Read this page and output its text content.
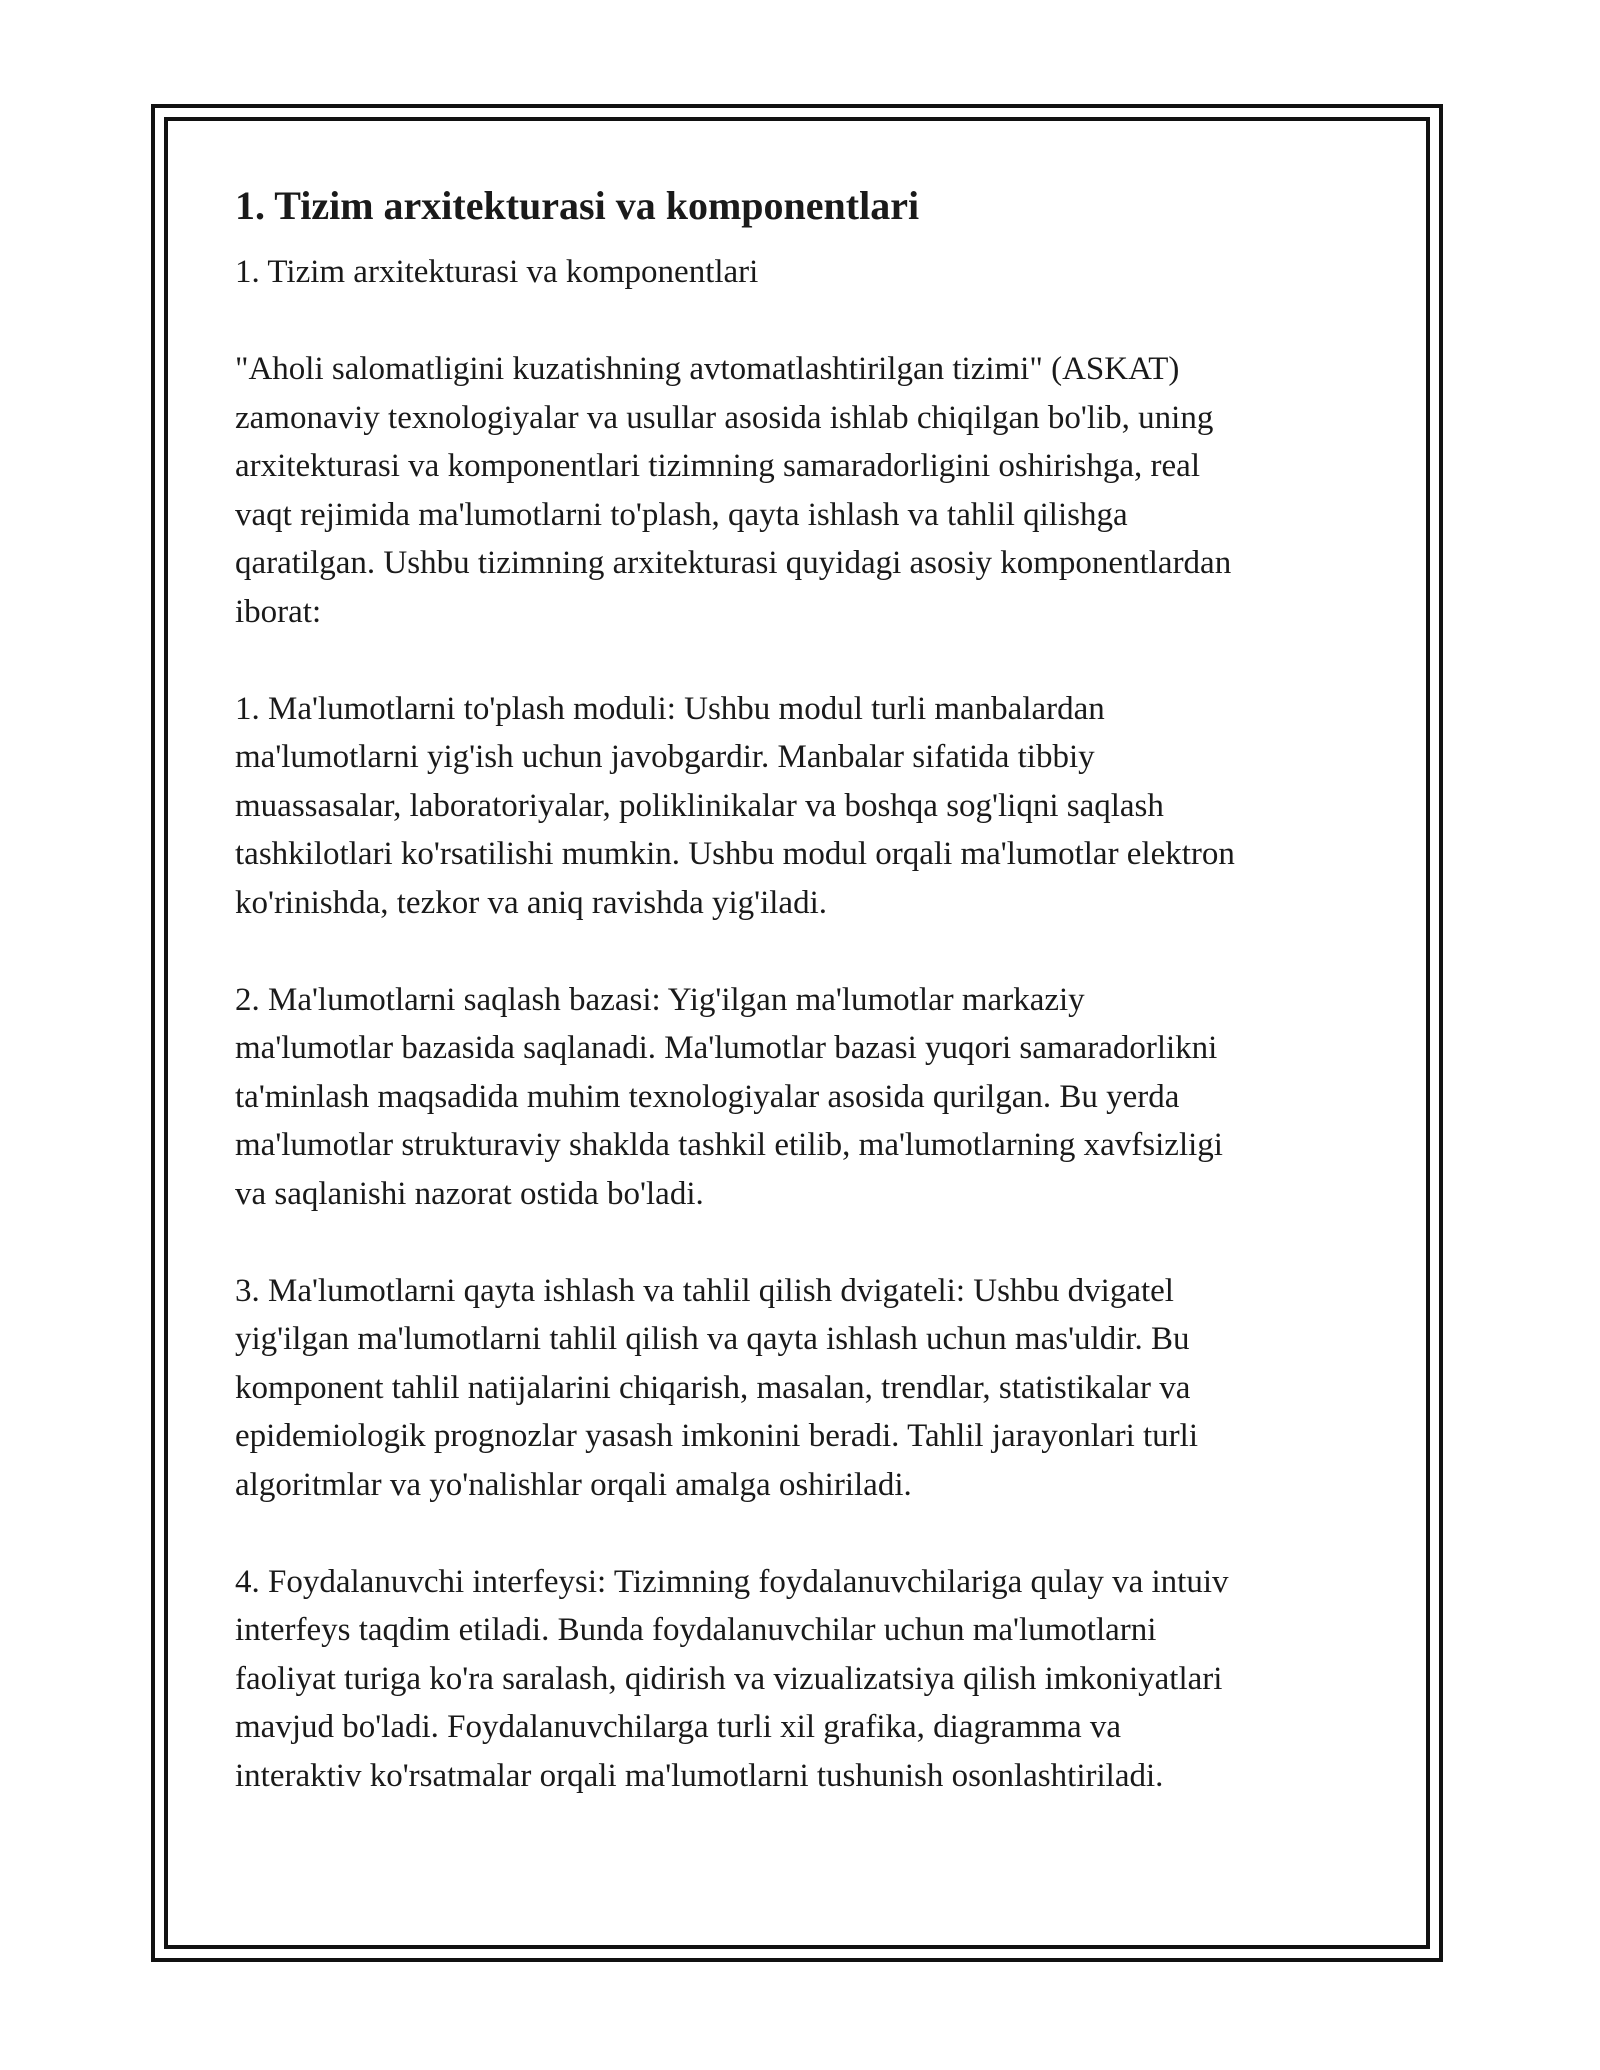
1. Tizim arxitekturasi va komponentlari
1. Tizim arxitekturasi va komponentlari
"Aholi salomatligini kuzatishning avtomatlashtirilgan tizimi" (ASKAT)
zamonaviy texnologiyalar va usullar asosida ishlab chiqilgan bo'lib, uning
arxitekturasi va komponentlari tizimning samaradorligini oshirishga, real
vaqt rejimida ma'lumotlarni to'plash, qayta ishlash va tahlil qilishga
qaratilgan. Ushbu tizimning arxitekturasi quyidagi asosiy komponentlardan
iborat:
1. Ma'lumotlarni to'plash moduli: Ushbu modul turli manbalardan
ma'lumotlarni yig'ish uchun javobgardir. Manbalar sifatida tibbiy
muassasalar, laboratoriyalar, poliklinikalar va boshqa sog'liqni saqlash
tashkilotlari ko'rsatilishi mumkin. Ushbu modul orqali ma'lumotlar elektron
ko'rinishda, tezkor va aniq ravishda yig'iladi.
2. Ma'lumotlarni saqlash bazasi: Yig'ilgan ma'lumotlar markaziy
ma'lumotlar bazasida saqlanadi. Ma'lumotlar bazasi yuqori samaradorlikni
ta'minlash maqsadida muhim texnologiyalar asosida qurilgan. Bu yerda
ma'lumotlar strukturaviy shaklda tashkil etilib, ma'lumotlarning xavfsizligi
va saqlanishi nazorat ostida bo'ladi.
3. Ma'lumotlarni qayta ishlash va tahlil qilish dvigateli: Ushbu dvigatel
yig'ilgan ma'lumotlarni tahlil qilish va qayta ishlash uchun mas'uldir. Bu
komponent tahlil natijalarini chiqarish, masalan, trendlar, statistikalar va
epidemiologik prognozlar yasash imkonini beradi. Tahlil jarayonlari turli
algoritmlar va yo'nalishlar orqali amalga oshiriladi.
4. Foydalanuvchi interfeysi: Tizimning foydalanuvchilariga qulay va intuiv
interfeys taqdim etiladi. Bunda foydalanuvchilar uchun ma'lumotlarni
faoliyat turiga ko'ra saralash, qidirish va vizualizatsiya qilish imkoniyatlari
mavjud bo'ladi. Foydalanuvchilarga turli xil grafika, diagramma va
interaktiv ko'rsatmalar orqali ma'lumotlarni tushunish osonlashtiriladi.
